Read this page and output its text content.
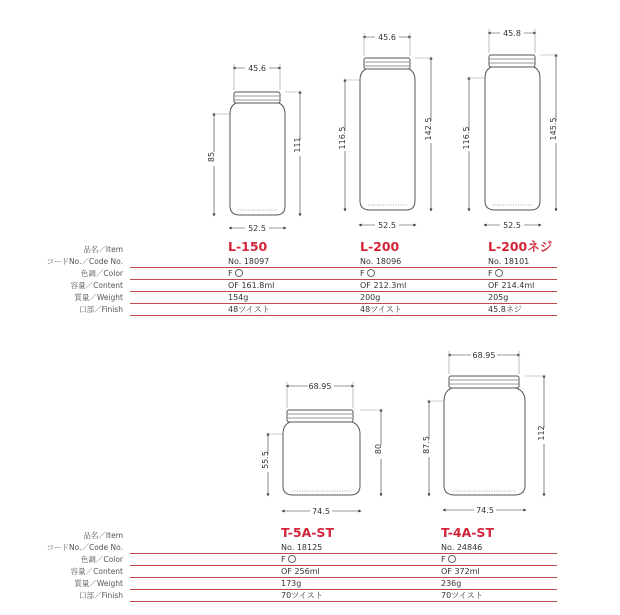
45.6
52.5
85
111
45.6
52.5
116.5	142.5
45.8
52.5
116.5	145.5
68.95
74.5
55.5
80
68.95
74.5
87.5
112
品名／Item
コードNo.／Code No.
色調／Color
容量／Content
質量／Weight
口部／Finish
L-150
No. 18097
F
OF 161.8ml
154g
48ツイスト
L-200
No. 18096
F
OF 212.3ml
200g
48ツイスト
L-200ネジ
No. 18101
F
OF 214.4ml
205g
45.8ネジ
品名／Item
コードNo.／Code No.
色調／Color
容量／Content
質量／Weight
口部／Finish
T-5A-ST
No. 18125
F
OF 256ml
173g
70ツイスト
T-4A-ST
No. 24846
F
OF 372ml
236g
70ツイスト
